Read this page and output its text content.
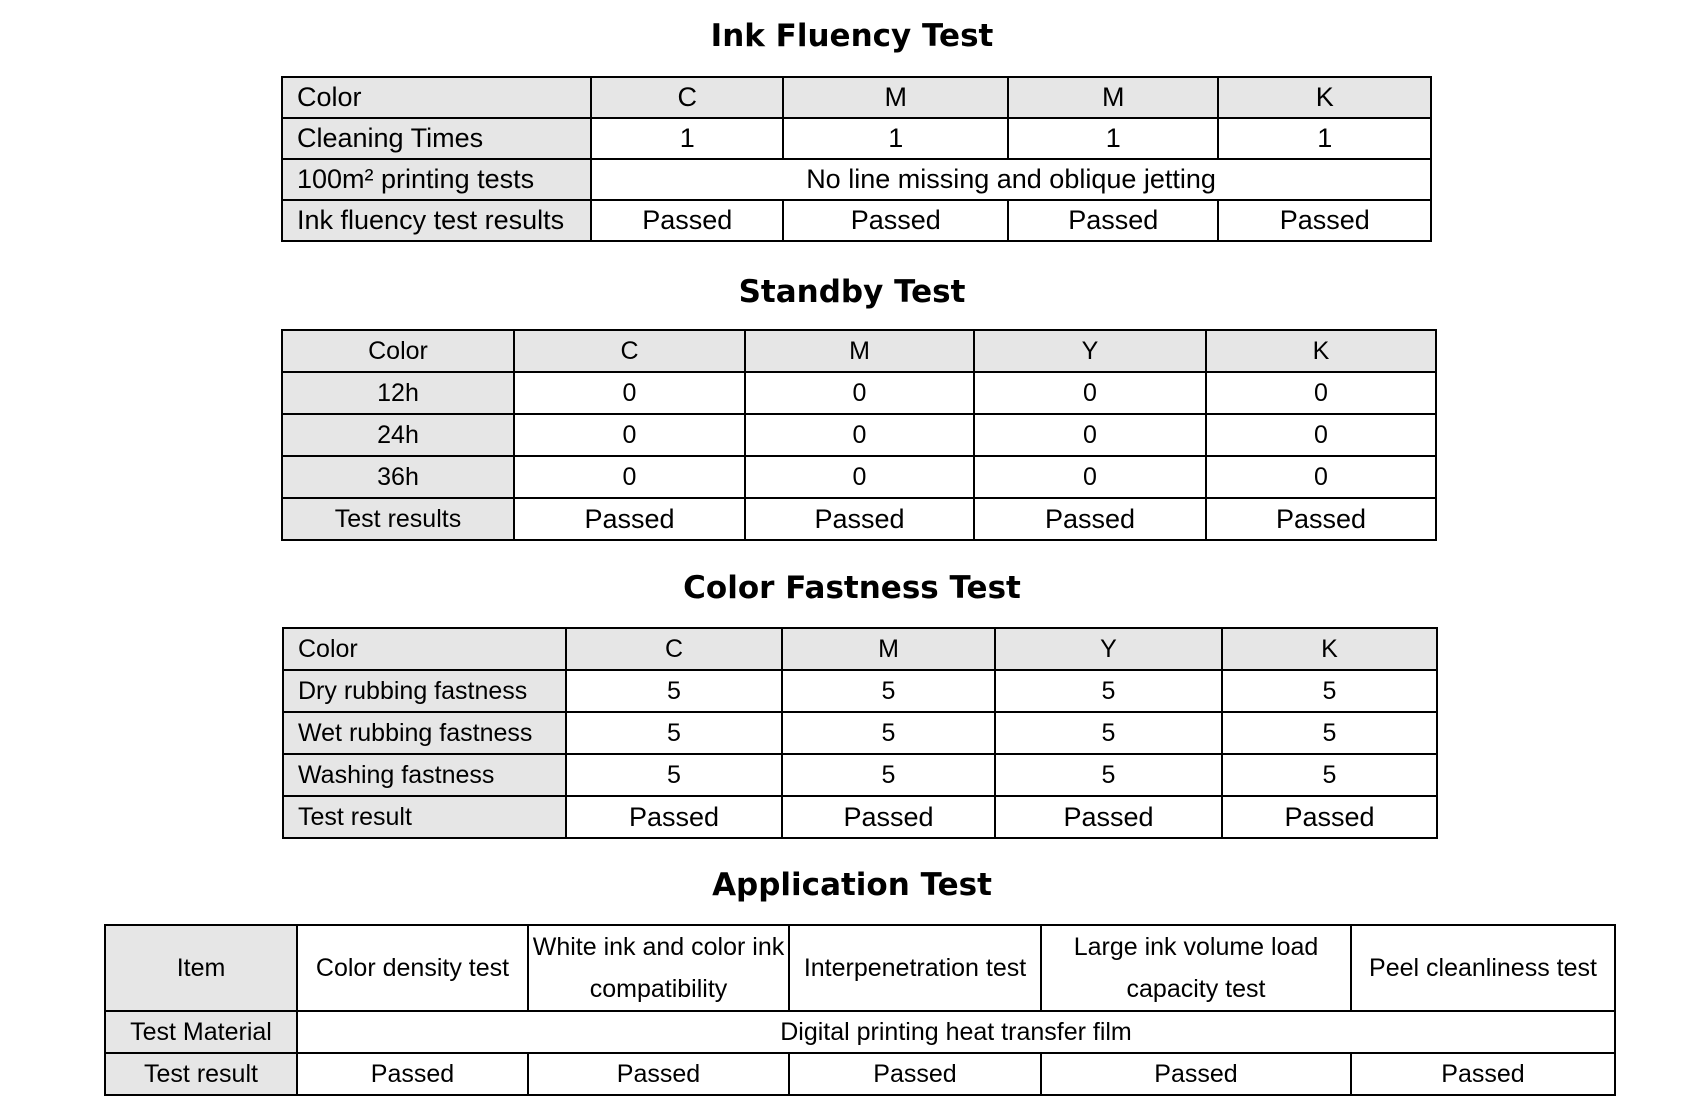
Ink Fluency Test
Color	C	M	M	K
Cleaning Times	1	1	1	1
100m² printing tests	No line missing and oblique jetting			
Ink fluency test results	Passed	Passed	Passed	Passed
Standby Test
Color	C	M	Y	K
12h	0	0	0	0
24h	0	0	0	0
36h	0	0	0	0
Test results	Passed	Passed	Passed	Passed
Color Fastness Test
Color	C	M	Y	K
Dry rubbing fastness	5	5	5	5
Wet rubbing fastness	5	5	5	5
Washing fastness	5	5	5	5
Test result	Passed	Passed	Passed	Passed
Application Test
Item	Color density test	White ink and color ink compatibility	Interpenetration test	Large ink volume load capacity test	Peel cleanliness test
Test Material	Digital printing heat transfer film				
Test result	Passed	Passed	Passed	Passed	Passed
